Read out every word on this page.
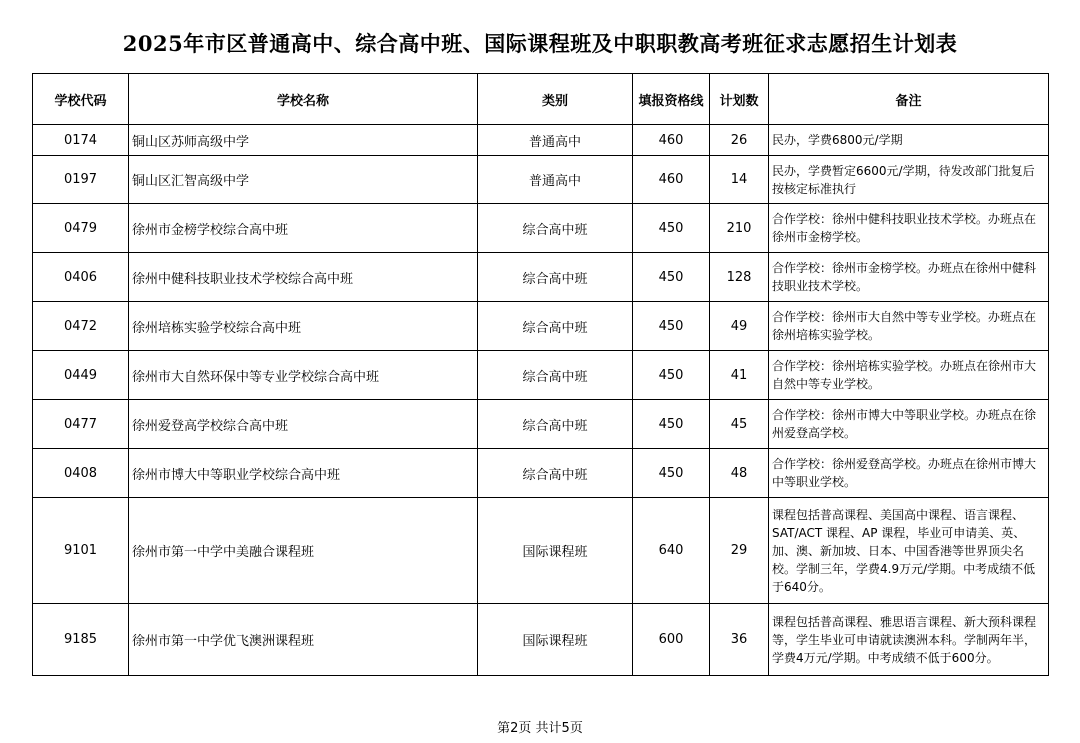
2025年市区普通高中、综合高中班、国际课程班及中职职教高考班征求志愿招生计划表
学校代码	学校名称	类别	填报资格线	计划数	备注
0174	铜山区苏师高级中学	普通高中	460	26	民办，学费6800元/学期
0197	铜山区汇智高级中学	普通高中	460	14	民办，学费暂定6600元/学期，待发改部门批复后按核定标准执行
0479	徐州市金榜学校综合高中班	综合高中班	450	210	合作学校：徐州中健科技职业技术学校。办班点在徐州市金榜学校。
0406	徐州中健科技职业技术学校综合高中班	综合高中班	450	128	合作学校：徐州市金榜学校。办班点在徐州中健科技职业技术学校。
0472	徐州培栋实验学校综合高中班	综合高中班	450	49	合作学校：徐州市大自然中等专业学校。办班点在徐州培栋实验学校。
0449	徐州市大自然环保中等专业学校综合高中班	综合高中班	450	41	合作学校：徐州培栋实验学校。办班点在徐州市大自然中等专业学校。
0477	徐州爱登高学校综合高中班	综合高中班	450	45	合作学校：徐州市博大中等职业学校。办班点在徐州爱登高学校。
0408	徐州市博大中等职业学校综合高中班	综合高中班	450	48	合作学校：徐州爱登高学校。办班点在徐州市博大中等职业学校。
9101	徐州市第一中学中美融合课程班	国际课程班	640	29	课程包括普高课程、美国高中课程、语言课程、SAT/ACT 课程、AP 课程，毕业可申请美、英、加、澳、新加坡、日本、中国香港等世界顶尖名校。学制三年，学费4.9万元/学期。中考成绩不低于640分。
9185	徐州市第一中学优飞澳洲课程班	国际课程班	600	36	课程包括普高课程、雅思语言课程、新大预科课程等，学生毕业可申请就读澳洲本科。学制两年半，学费4万元/学期。中考成绩不低于600分。
第2页 共计5页
